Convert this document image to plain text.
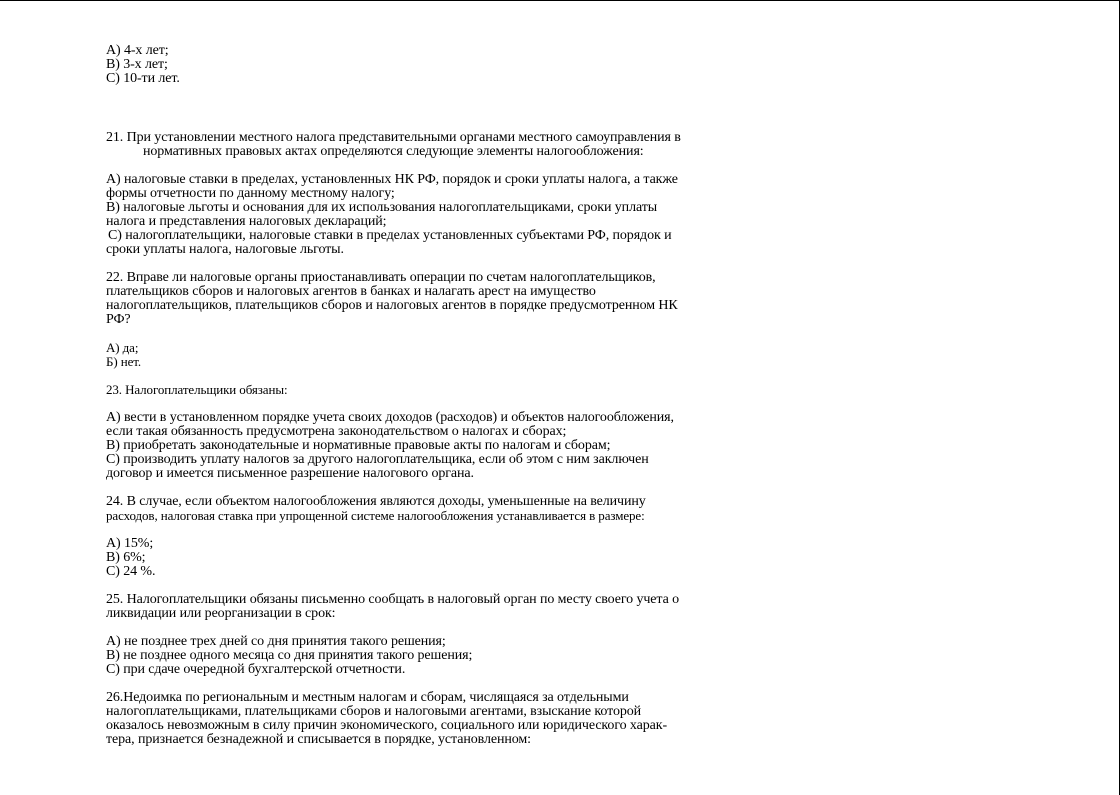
A) 4-х лет;
B) 3-х лет;
C) 10-ти лет.
21. При установлении местного налога представительными органами местного самоуправления в
нормативных правовых актах определяются следующие элементы налогообложения:
A) налоговые ставки в пределах, установленных НК РФ, порядок и сроки уплаты налога, а также
формы отчетности по данному местному налогу;
B) налоговые льготы и основания для их использования налогоплательщиками, сроки уплаты
налога и представления налоговых деклараций;
C) налогоплательщики, налоговые ставки в пределах установленных субъектами РФ, порядок и
сроки уплаты налога, налоговые льготы.
22. Вправе ли налоговые органы приостанавливать операции по счетам налогоплательщиков,
плательщиков сборов и налоговых агентов в банках и налагать арест на имущество
налогоплательщиков, плательщиков сборов и налоговых агентов в порядке предусмотренном НК
РФ?
А) да;
Б) нет.
23. Налогоплательщики обязаны:
A) вести в установленном порядке учета своих доходов (расходов) и объектов налогообложения,
если такая обязанность предусмотрена законодательством о налогах и сборах;
B) приобретать законодательные и нормативные правовые акты по налогам и сборам;
C) производить уплату налогов за другого налогоплательщика, если об этом с ним заключен
договор и имеется письменное разрешение налогового органа.
24. В случае, если объектом налогообложения являются доходы, уменьшенные на величину
расходов, налоговая ставка при упрощенной системе налогообложения устанавливается в размере:
A) 15%;
B) 6%;
C) 24 %.
25. Налогоплательщики обязаны письменно сообщать в налоговый орган по месту своего учета о
ликвидации или реорганизации в срок:
A) не позднее трех дней со дня принятия такого решения;
B) не позднее одного месяца со дня принятия такого решения;
C) при сдаче очередной бухгалтерской отчетности.
26.Недоимка по региональным и местным налогам и сборам, числящаяся за отдельными
налогоплательщиками, плательщиками сборов и налоговыми агентами, взыскание которой
оказалось невозможным в силу причин экономического, социального или юридического харак-
тера, признается безнадежной и списывается в порядке, установленном:
